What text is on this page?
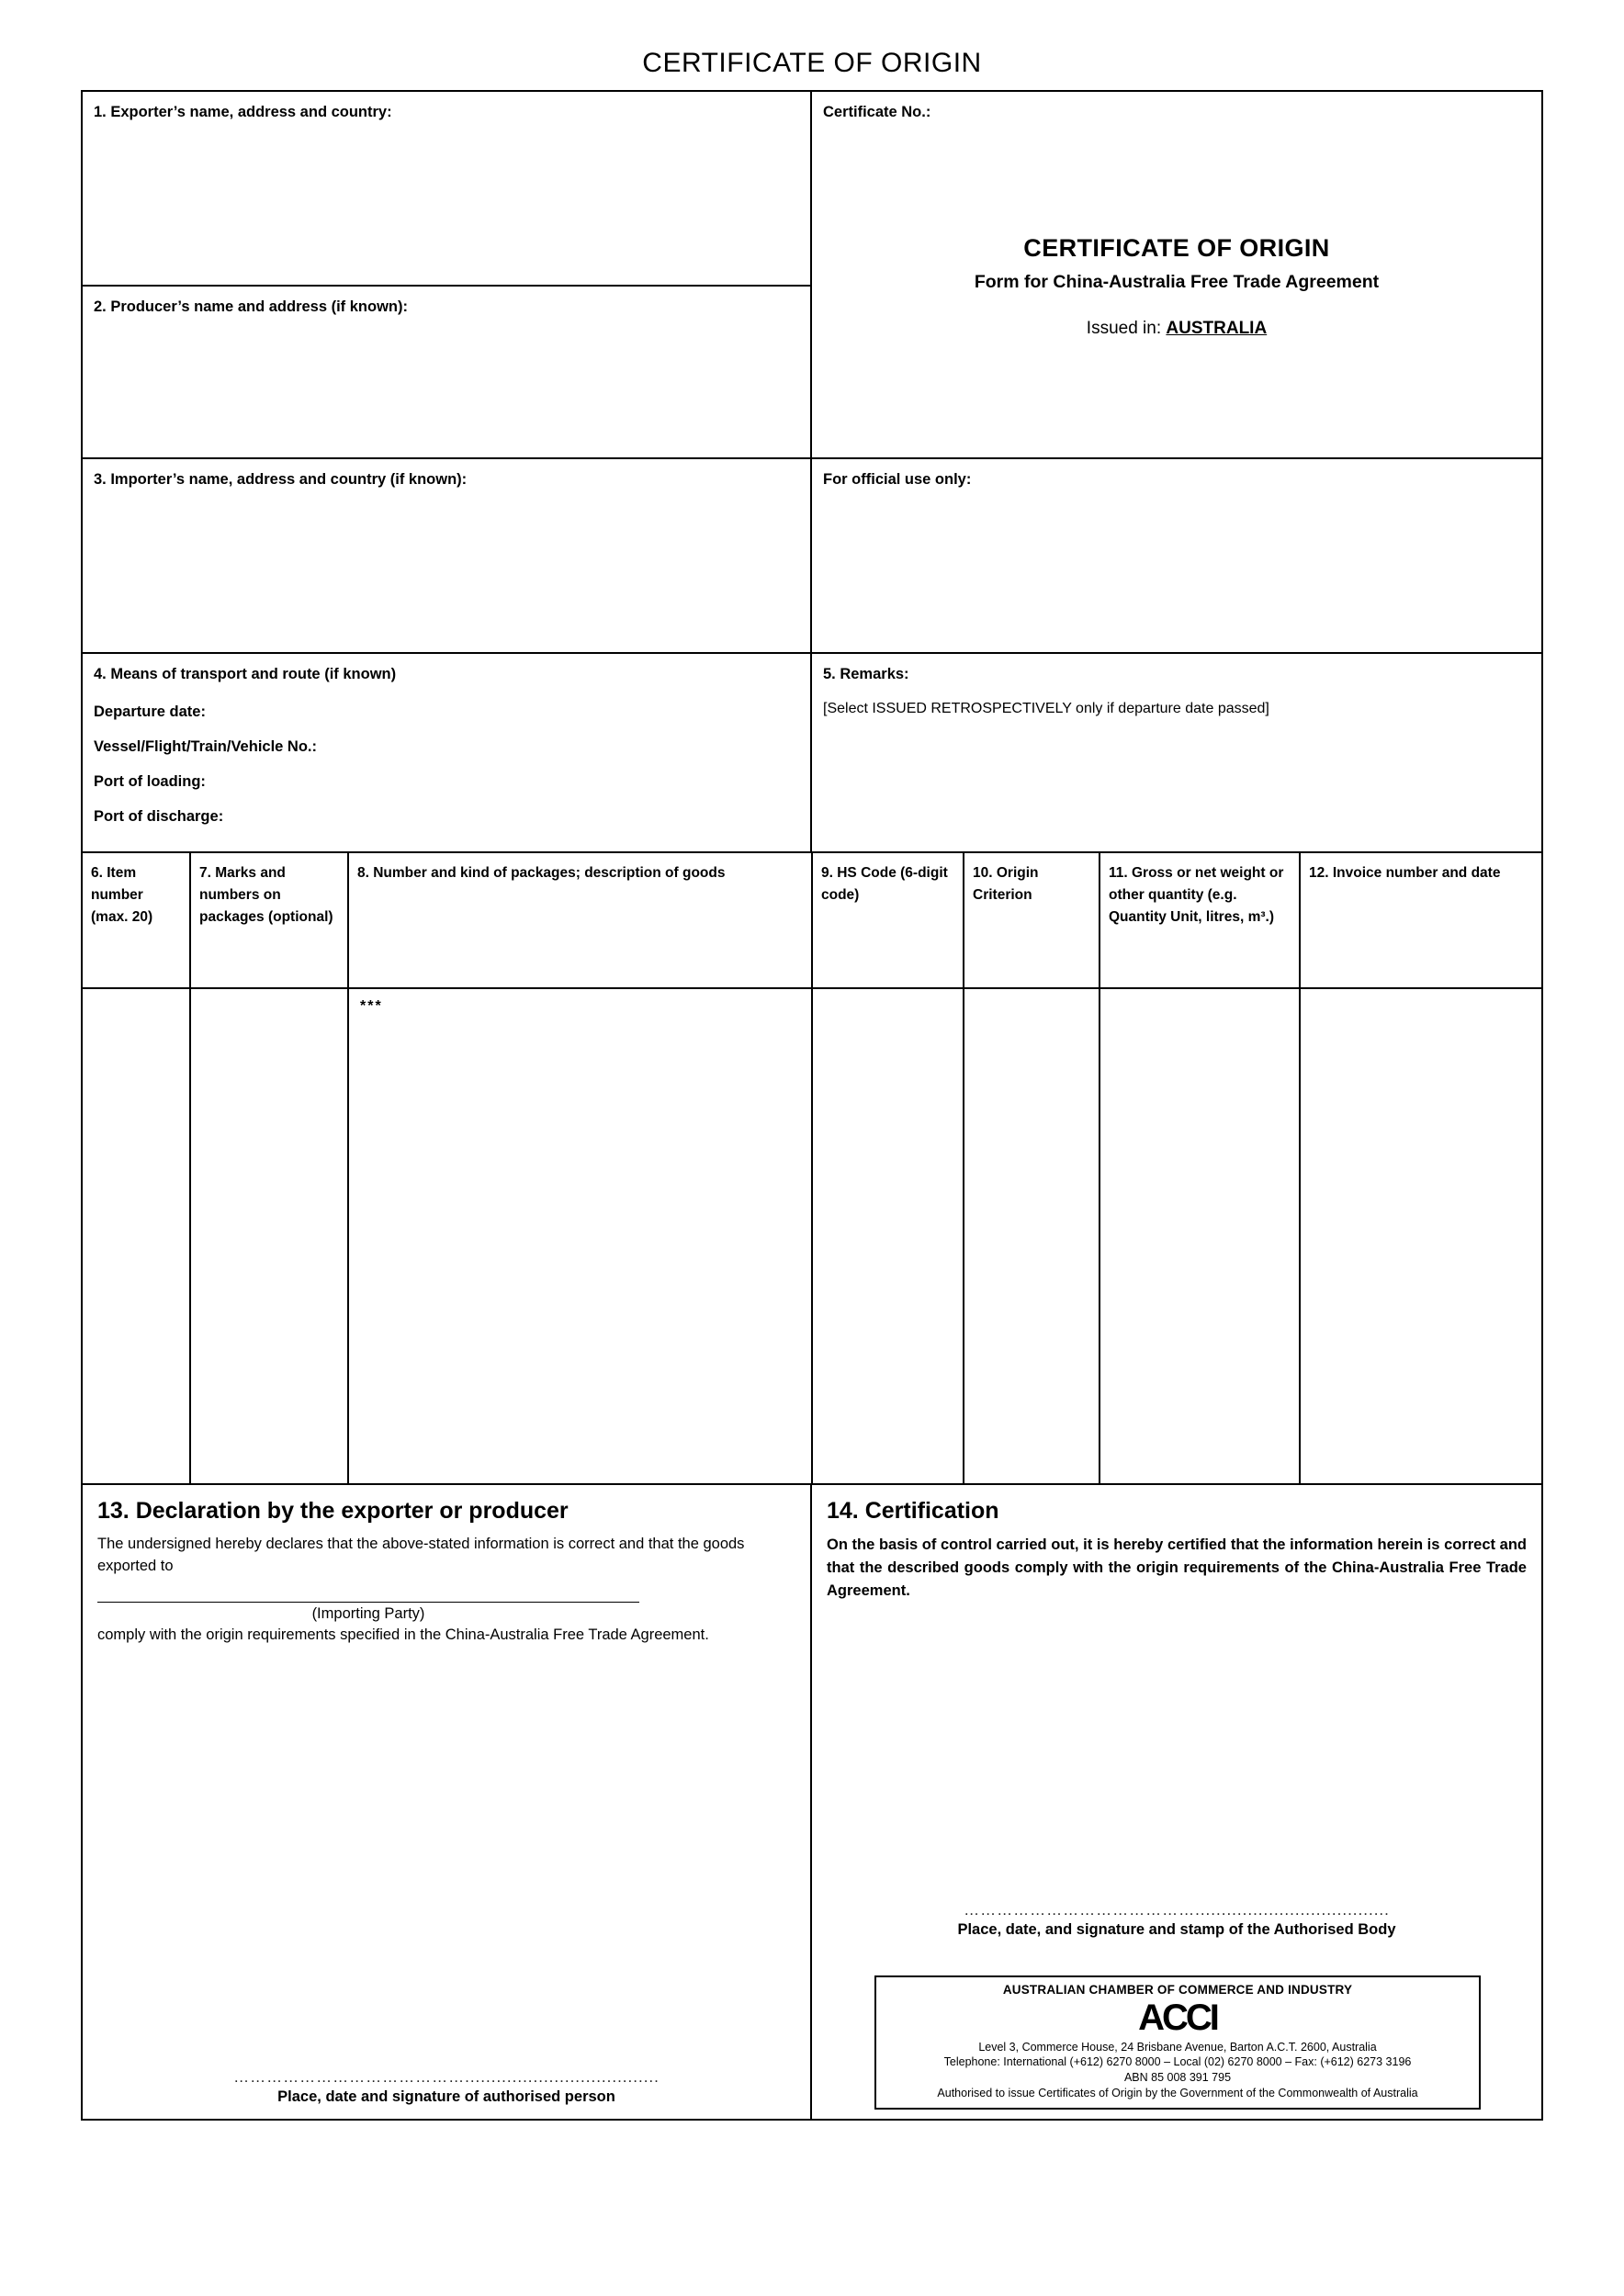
CERTIFICATE OF ORIGIN
1. Exporter’s name, address and country:
2. Producer’s name and address (if known):
Certificate No.:
CERTIFICATE OF ORIGIN
Form for China-Australia Free Trade Agreement
Issued in: AUSTRALIA
3. Importer’s name, address and country (if known):	For official use only:
4. Means of transport and route (if known)
Departure date:
Vessel/Flight/Train/Vehicle No.:
Port of loading:
Port of discharge:
5. Remarks:
[Select ISSUED RETROSPECTIVELY only if departure date passed]
6. Item number (max. 20)
7. Marks and numbers on packages (optional)
8. Number and kind of packages; description of goods	9. HS Code (6-digit code)
10. Origin Criterion
11. Gross or net weight or other quantity (e.g. Quantity Unit, litres, m³.)
12. Invoice number and date
***
13. Declaration by the exporter or producer
The undersigned hereby declares that the above-stated information is correct and that the goods exported to
(Importing Party)
comply with the origin requirements specified in the China-Australia Free Trade Agreement.
…………………………………….....................................
Place, date and signature of authorised person
14. Certification
On the basis of control carried out, it is hereby certified that the information herein is correct and that the described goods comply with the origin requirements of the China-Australia Free Trade Agreement.
…………………………………….....................................
Place, date, and signature and stamp of the Authorised Body
AUSTRALIAN CHAMBER OF COMMERCE AND INDUSTRY
ACCI
Level 3, Commerce House, 24 Brisbane Avenue, Barton A.C.T. 2600, Australia
Telephone: International (+612) 6270 8000 – Local (02) 6270 8000 – Fax: (+612) 6273 3196
ABN 85 008 391 795
Authorised to issue Certificates of Origin by the Government of the Commonwealth of Australia
